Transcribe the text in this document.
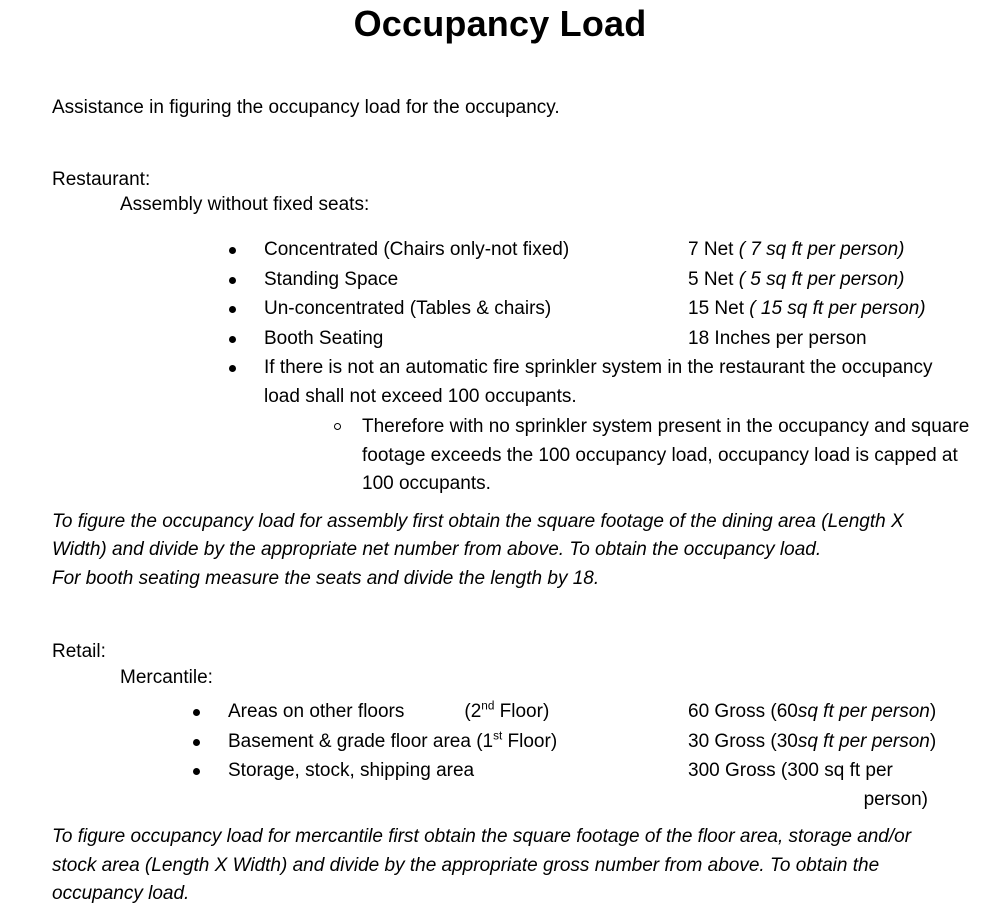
Occupancy Load
Assistance in figuring the occupancy load for the occupancy.
Restaurant:
Assembly without fixed seats:
Concentrated (Chairs only-not fixed)	7 Net ( 7 sq ft per person)
Standing Space	5 Net ( 5 sq ft per person)
Un-concentrated (Tables & chairs)	15 Net ( 15 sq ft per person)
Booth Seating	18 Inches per person
If there is not an automatic fire sprinkler system in the restaurant the occupancy load shall not exceed 100 occupants.
Therefore with no sprinkler system present in the occupancy and square footage exceeds the 100 occupancy load, occupancy load is capped at 100 occupants.
To figure the occupancy load for assembly first obtain the square footage of the dining area (Length X Width) and divide by the appropriate net number from above. To obtain the occupancy load.
For booth seating measure the seats and divide the length by 18.
Retail:
Mercantile:
Areas on other floors	(2nd Floor)	60 Gross (60sq ft per person)
Basement & grade floor area (1st Floor)	30 Gross (30sq ft per person)
Storage, stock, shipping area	300 Gross (300 sq ft per
person)
To figure occupancy load for mercantile first obtain the square footage of the floor area, storage and/or stock area (Length X Width) and divide by the appropriate gross number from above. To obtain the occupancy load.
